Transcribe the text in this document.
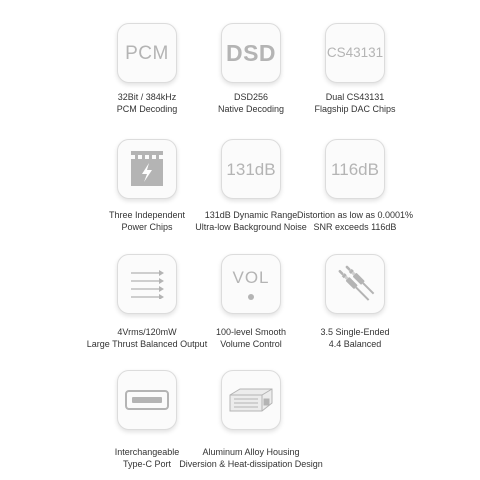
PCM
32Bit / 384kHz
PCM Decoding
DSD
DSD256
Native Decoding
CS43131
Dual CS43131
Flagship DAC Chips
Three Independent
Power Chips
131dB
131dB Dynamic Range
Ultra-low Background Noise
116dB
Distortion as low as 0.0001%
SNR exceeds 116dB
4Vrms/120mW
Large Thrust Balanced Output
VOL
100-level Smooth
Volume Control
3.5 Single-Ended
4.4 Balanced
Interchangeable
Type-C Port
Aluminum Alloy Housing
Diversion & Heat-dissipation Design
